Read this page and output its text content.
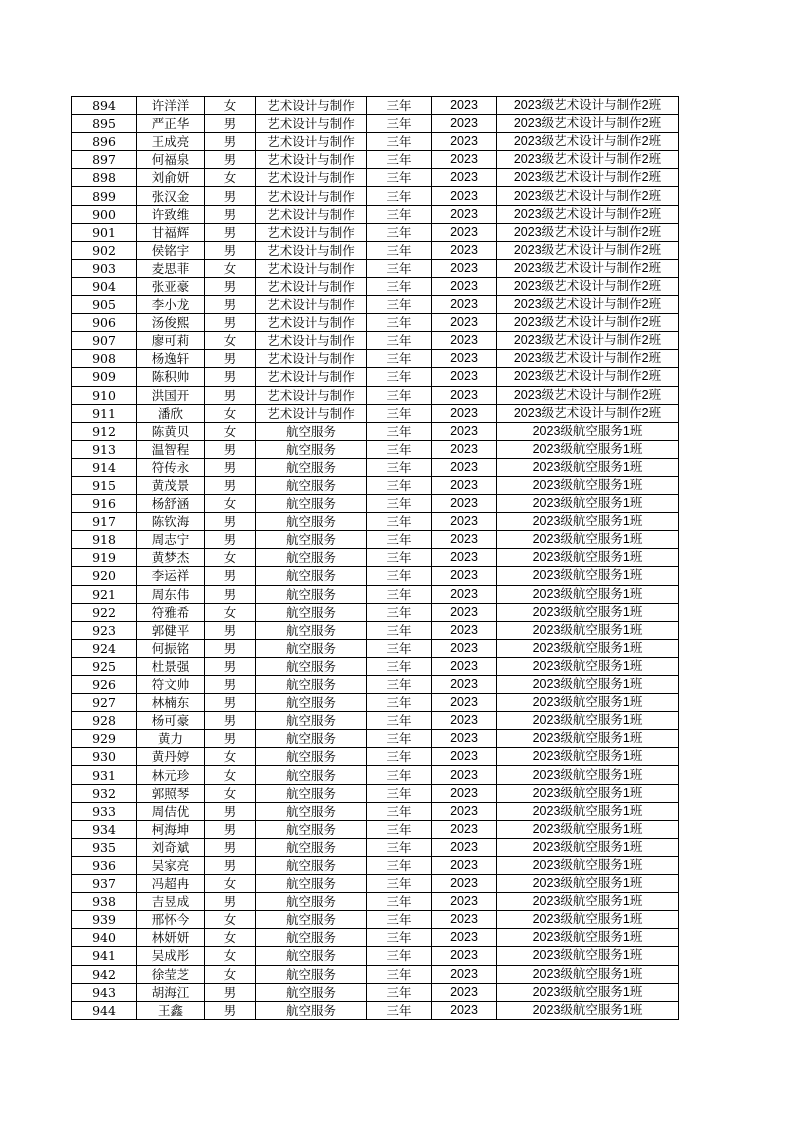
894	许洋洋	女	艺术设计与制作	三年	2023	2023级艺术设计与制作2班
895	严正华	男	艺术设计与制作	三年	2023	2023级艺术设计与制作2班
896	王成亮	男	艺术设计与制作	三年	2023	2023级艺术设计与制作2班
897	何福泉	男	艺术设计与制作	三年	2023	2023级艺术设计与制作2班
898	刘俞妍	女	艺术设计与制作	三年	2023	2023级艺术设计与制作2班
899	张汉金	男	艺术设计与制作	三年	2023	2023级艺术设计与制作2班
900	许致维	男	艺术设计与制作	三年	2023	2023级艺术设计与制作2班
901	甘福辉	男	艺术设计与制作	三年	2023	2023级艺术设计与制作2班
902	侯铭宇	男	艺术设计与制作	三年	2023	2023级艺术设计与制作2班
903	麦思菲	女	艺术设计与制作	三年	2023	2023级艺术设计与制作2班
904	张亚豪	男	艺术设计与制作	三年	2023	2023级艺术设计与制作2班
905	李小龙	男	艺术设计与制作	三年	2023	2023级艺术设计与制作2班
906	汤俊熙	男	艺术设计与制作	三年	2023	2023级艺术设计与制作2班
907	廖可莉	女	艺术设计与制作	三年	2023	2023级艺术设计与制作2班
908	杨逸轩	男	艺术设计与制作	三年	2023	2023级艺术设计与制作2班
909	陈积帅	男	艺术设计与制作	三年	2023	2023级艺术设计与制作2班
910	洪国开	男	艺术设计与制作	三年	2023	2023级艺术设计与制作2班
911	潘欣	女	艺术设计与制作	三年	2023	2023级艺术设计与制作2班
912	陈黄贝	女	航空服务	三年	2023	2023级航空服务1班
913	温智程	男	航空服务	三年	2023	2023级航空服务1班
914	符传永	男	航空服务	三年	2023	2023级航空服务1班
915	黄茂景	男	航空服务	三年	2023	2023级航空服务1班
916	杨舒涵	女	航空服务	三年	2023	2023级航空服务1班
917	陈钦海	男	航空服务	三年	2023	2023级航空服务1班
918	周志宁	男	航空服务	三年	2023	2023级航空服务1班
919	黄梦杰	女	航空服务	三年	2023	2023级航空服务1班
920	李运祥	男	航空服务	三年	2023	2023级航空服务1班
921	周东伟	男	航空服务	三年	2023	2023级航空服务1班
922	符雅希	女	航空服务	三年	2023	2023级航空服务1班
923	郭健平	男	航空服务	三年	2023	2023级航空服务1班
924	何振铭	男	航空服务	三年	2023	2023级航空服务1班
925	杜景强	男	航空服务	三年	2023	2023级航空服务1班
926	符文帅	男	航空服务	三年	2023	2023级航空服务1班
927	林楠东	男	航空服务	三年	2023	2023级航空服务1班
928	杨可豪	男	航空服务	三年	2023	2023级航空服务1班
929	黄力	男	航空服务	三年	2023	2023级航空服务1班
930	黄丹婷	女	航空服务	三年	2023	2023级航空服务1班
931	林元珍	女	航空服务	三年	2023	2023级航空服务1班
932	郭照琴	女	航空服务	三年	2023	2023级航空服务1班
933	周佶优	男	航空服务	三年	2023	2023级航空服务1班
934	柯海坤	男	航空服务	三年	2023	2023级航空服务1班
935	刘奇斌	男	航空服务	三年	2023	2023级航空服务1班
936	吴家亮	男	航空服务	三年	2023	2023级航空服务1班
937	冯超冉	女	航空服务	三年	2023	2023级航空服务1班
938	吉昱成	男	航空服务	三年	2023	2023级航空服务1班
939	邢怀今	女	航空服务	三年	2023	2023级航空服务1班
940	林妍妍	女	航空服务	三年	2023	2023级航空服务1班
941	吴成彤	女	航空服务	三年	2023	2023级航空服务1班
942	徐莹芝	女	航空服务	三年	2023	2023级航空服务1班
943	胡海江	男	航空服务	三年	2023	2023级航空服务1班
944	王鑫	男	航空服务	三年	2023	2023级航空服务1班
